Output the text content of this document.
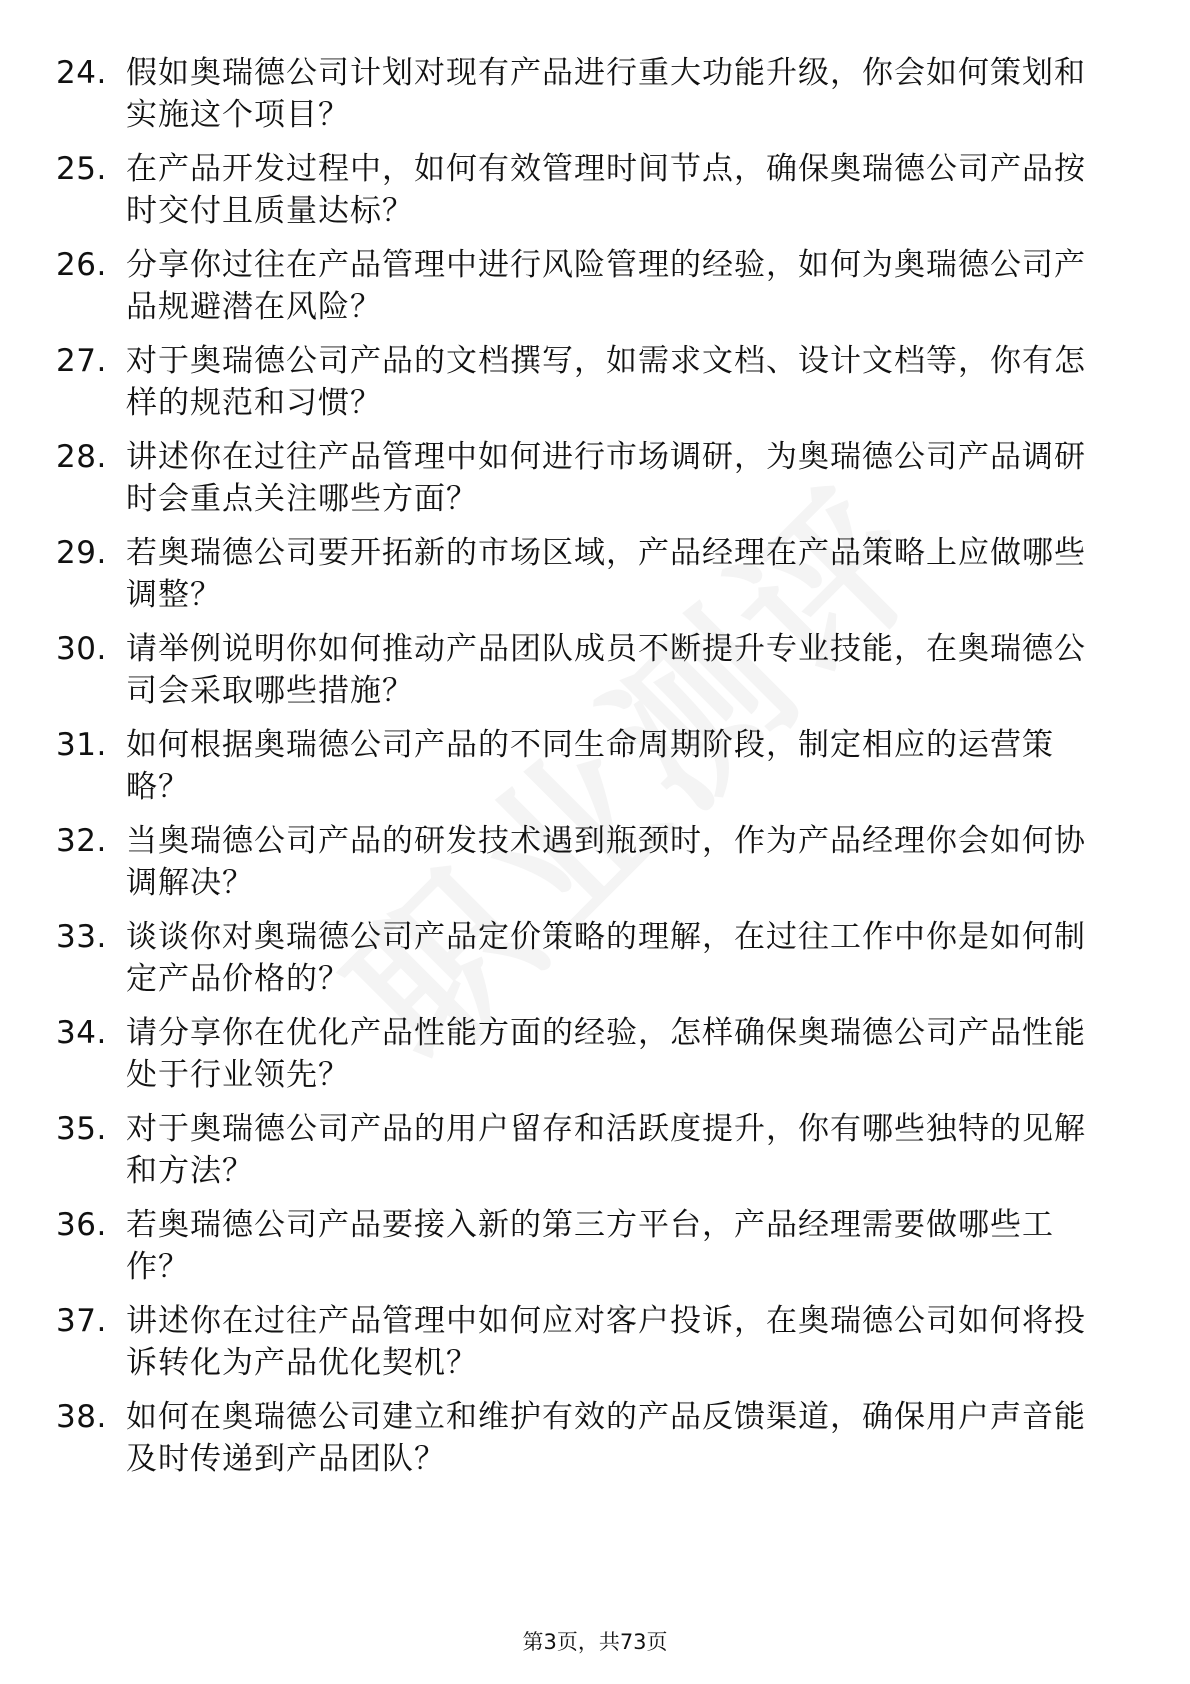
24. 假如奥瑞德公司计划对现有产品进行重大功能升级，你会如何策划和实施这个项目？
25. 在产品开发过程中，如何有效管理时间节点，确保奥瑞德公司产品按时交付且质量达标？
26. 分享你过往在产品管理中进行风险管理的经验，如何为奥瑞德公司产品规避潜在风险？
27. 对于奥瑞德公司产品的文档撰写，如需求文档、设计文档等，你有怎样的规范和习惯？
28. 讲述你在过往产品管理中如何进行市场调研，为奥瑞德公司产品调研时会重点关注哪些方面？
29. 若奥瑞德公司要开拓新的市场区域，产品经理在产品策略上应做哪些调整？
30. 请举例说明你如何推动产品团队成员不断提升专业技能，在奥瑞德公司会采取哪些措施？
31. 如何根据奥瑞德公司产品的不同生命周期阶段，制定相应的运营策略？
32. 当奥瑞德公司产品的研发技术遇到瓶颈时，作为产品经理你会如何协调解决？
33. 谈谈你对奥瑞德公司产品定价策略的理解，在过往工作中你是如何制定产品价格的？
34. 请分享你在优化产品性能方面的经验，怎样确保奥瑞德公司产品性能处于行业领先？
35. 对于奥瑞德公司产品的用户留存和活跃度提升，你有哪些独特的见解和方法？
36. 若奥瑞德公司产品要接入新的第三方平台，产品经理需要做哪些工作？
37. 讲述你在过往产品管理中如何应对客户投诉，在奥瑞德公司如何将投诉转化为产品优化契机？
38. 如何在奥瑞德公司建立和维护有效的产品反馈渠道，确保用户声音能及时传递到产品团队？
第3页，共73页
